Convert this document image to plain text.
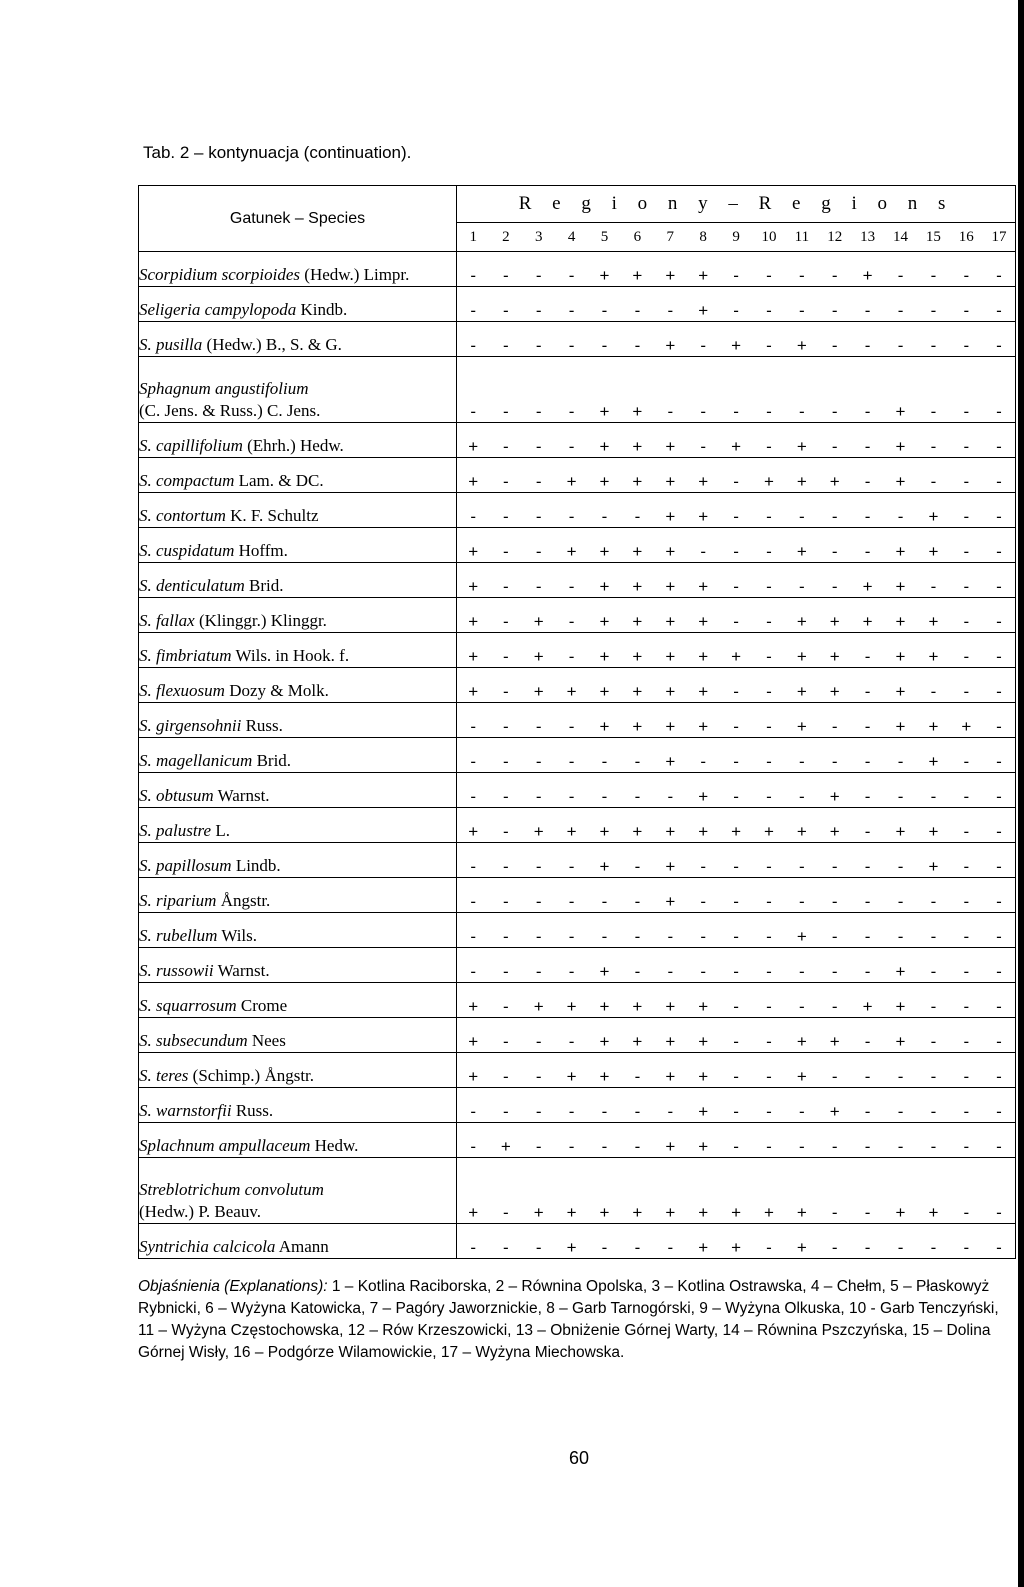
Tab. 2 – kontynuacja (continuation).
Gatunek – Species	R e g i o n y – R e g i o n s																
	1	2	3	4	5	6	7	8	9	10	11	12	13	14	15	16	17
Scorpidium scorpioides (Hedw.) Limpr.	-	-	-	-	+	+	+	+	-	-	-	-	+	-	-	-	-
Seligeria campylopoda Kindb.	-	-	-	-	-	-	-	+	-	-	-	-	-	-	-	-	-
S. pusilla (Hedw.) B., S. & G.	-	-	-	-	-	-	+	-	+	-	+	-	-	-	-	-	-
Sphagnum angustifolium
(C. Jens. & Russ.) C. Jens.	-	-	-	-	+	+	-	-	-	-	-	-	-	+	-	-	-
S. capillifolium (Ehrh.) Hedw.	+	-	-	-	+	+	+	-	+	-	+	-	-	+	-	-	-
S. compactum Lam. & DC.	+	-	-	+	+	+	+	+	-	+	+	+	-	+	-	-	-
S. contortum K. F. Schultz	-	-	-	-	-	-	+	+	-	-	-	-	-	-	+	-	-
S. cuspidatum Hoffm.	+	-	-	+	+	+	+	-	-	-	+	-	-	+	+	-	-
S. denticulatum Brid.	+	-	-	-	+	+	+	+	-	-	-	-	+	+	-	-	-
S. fallax (Klinggr.) Klinggr.	+	-	+	-	+	+	+	+	-	-	+	+	+	+	+	-	-
S. fimbriatum Wils. in Hook. f.	+	-	+	-	+	+	+	+	+	-	+	+	-	+	+	-	-
S. flexuosum Dozy & Molk.	+	-	+	+	+	+	+	+	-	-	+	+	-	+	-	-	-
S. girgensohnii Russ.	-	-	-	-	+	+	+	+	-	-	+	-	-	+	+	+	-
S. magellanicum Brid.	-	-	-	-	-	-	+	-	-	-	-	-	-	-	+	-	-
S. obtusum Warnst.	-	-	-	-	-	-	-	+	-	-	-	+	-	-	-	-	-
S. palustre L.	+	-	+	+	+	+	+	+	+	+	+	+	-	+	+	-	-
S. papillosum Lindb.	-	-	-	-	+	-	+	-	-	-	-	-	-	-	+	-	-
S. riparium Ångstr.	-	-	-	-	-	-	+	-	-	-	-	-	-	-	-	-	-
S. rubellum Wils.	-	-	-	-	-	-	-	-	-	-	+	-	-	-	-	-	-
S. russowii Warnst.	-	-	-	-	+	-	-	-	-	-	-	-	-	+	-	-	-
S. squarrosum Crome	+	-	+	+	+	+	+	+	-	-	-	-	+	+	-	-	-
S. subsecundum Nees	+	-	-	-	+	+	+	+	-	-	+	+	-	+	-	-	-
S. teres (Schimp.) Ångstr.	+	-	-	+	+	-	+	+	-	-	+	-	-	-	-	-	-
S. warnstorfii Russ.	-	-	-	-	-	-	-	+	-	-	-	+	-	-	-	-	-
Splachnum ampullaceum Hedw.	-	+	-	-	-	-	+	+	-	-	-	-	-	-	-	-	-
Streblotrichum convolutum
(Hedw.) P. Beauv.	+	-	+	+	+	+	+	+	+	+	+	-	-	+	+	-	-
Syntrichia calcicola Amann	-	-	-	+	-	-	-	+	+	-	+	-	-	-	-	-	-
Objaśnienia (Explanations): 1 – Kotlina Raciborska, 2 – Równina Opolska, 3 – Kotlina Ostrawska, 4 – Chełm, 5 – Płaskowyż Rybnicki, 6 – Wyżyna Katowicka, 7 – Pagóry Jaworznickie, 8 – Garb Tarnogórski, 9 – Wyżyna Olkuska, 10 - Garb Tenczyński, 11 – Wyżyna Częstochowska, 12 – Rów Krzeszowicki, 13 – Obniżenie Górnej Warty, 14 – Równina Pszczyńska, 15 – Dolina Górnej Wisły, 16 – Podgórze Wilamowickie, 17 – Wyżyna Miechowska.
60
